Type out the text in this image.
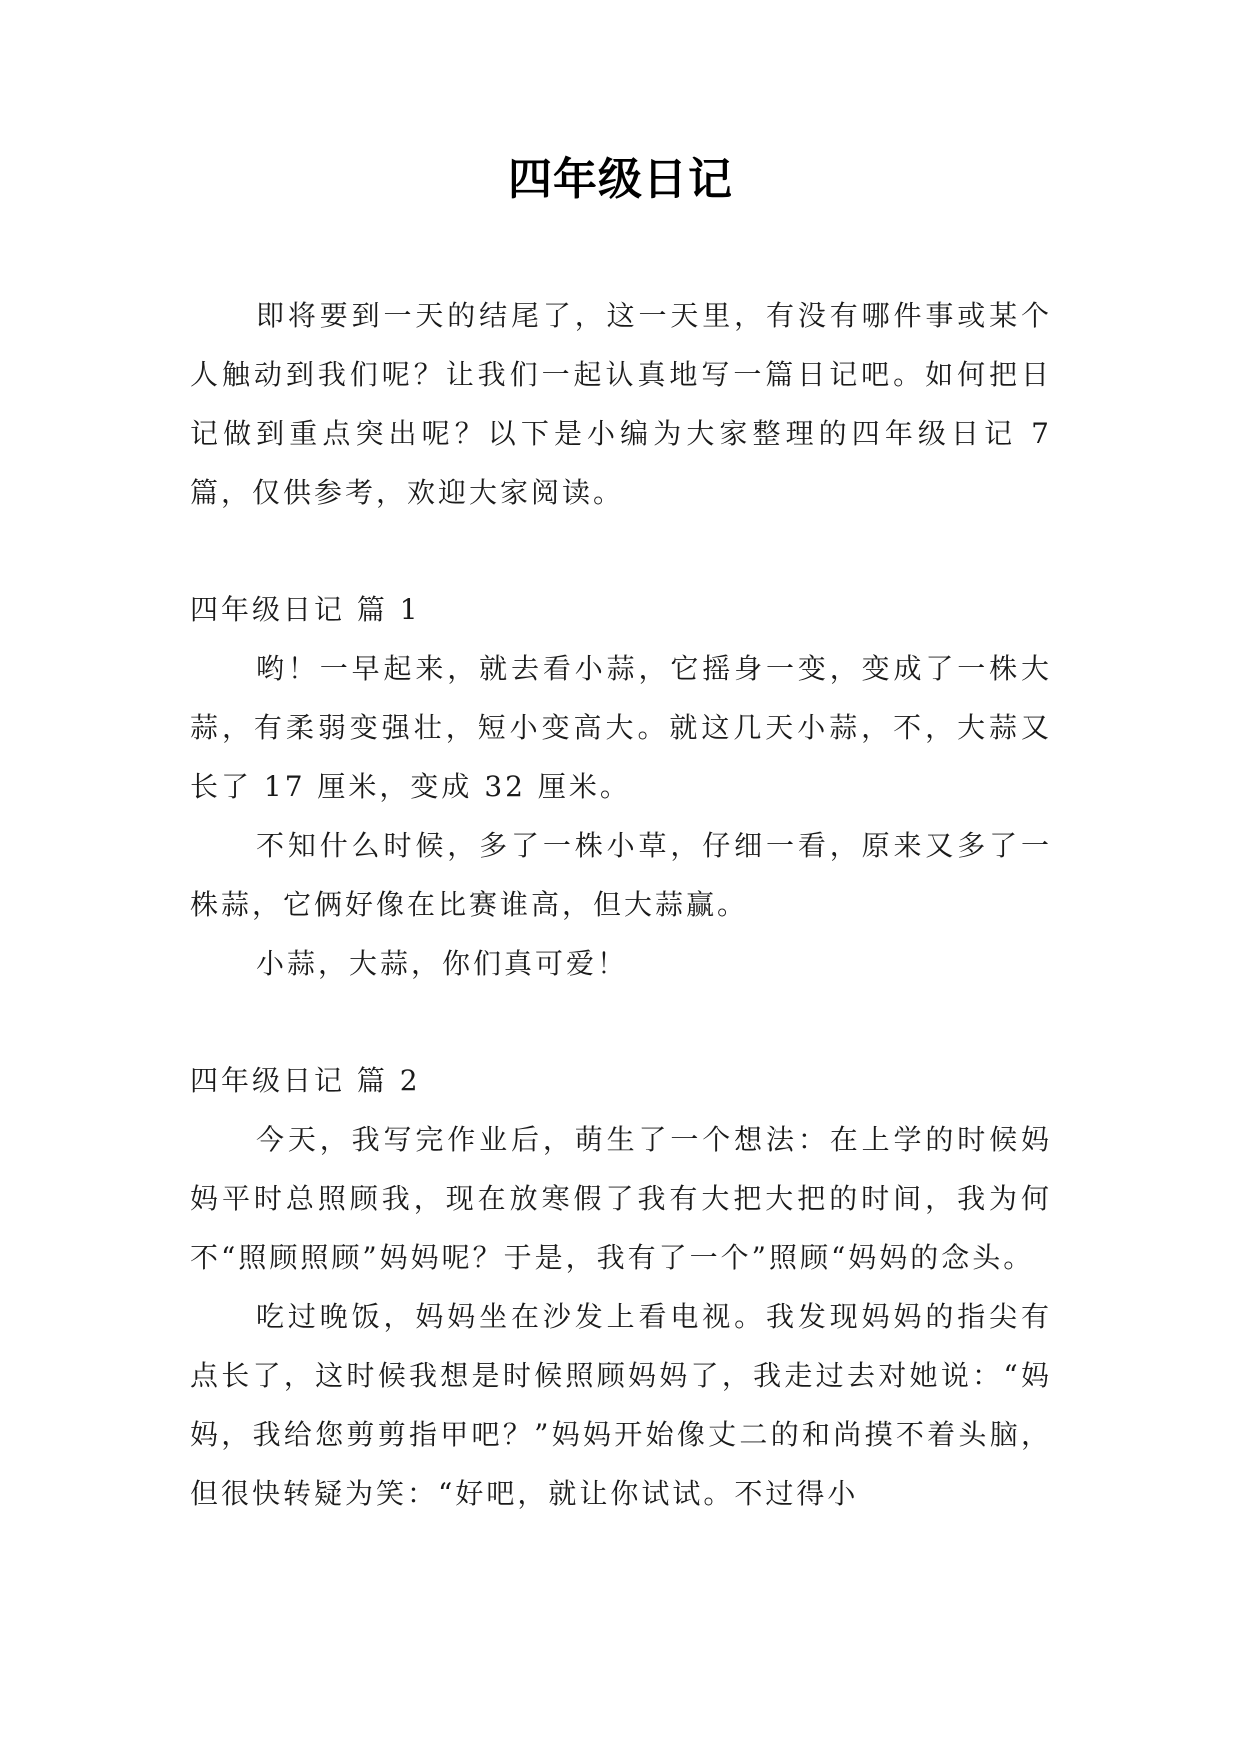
四年级日记

即将要到一天的结尾了，这一天里，有没有哪件事或某个人触动到我们呢？让我们一起认真地写一篇日记吧。如何把日记做到重点突出呢？以下是小编为大家整理的四年级日记 7 篇，仅供参考，欢迎大家阅读。

四年级日记 篇 1

哟！一早起来，就去看小蒜，它摇身一变，变成了一株大蒜，有柔弱变强壮，短小变高大。就这几天小蒜，不，大蒜又长了 17 厘米，变成 32 厘米。

不知什么时候，多了一株小草，仔细一看，原来又多了一株蒜，它俩好像在比赛谁高，但大蒜赢。

小蒜，大蒜，你们真可爱！

四年级日记 篇 2

今天，我写完作业后，萌生了一个想法：在上学的时候妈妈平时总照顾我，现在放寒假了我有大把大把的时间，我为何不“照顾照顾”妈妈呢？于是，我有了一个”照顾“妈妈的念头。

吃过晚饭，妈妈坐在沙发上看电视。我发现妈妈的指尖有点长了，这时候我想是时候照顾妈妈了，我走过去对她说：“妈妈，我给您剪剪指甲吧？”妈妈开始像丈二的和尚摸不着头脑，但很快转疑为笑：“好吧，就让你试试。不过得小
